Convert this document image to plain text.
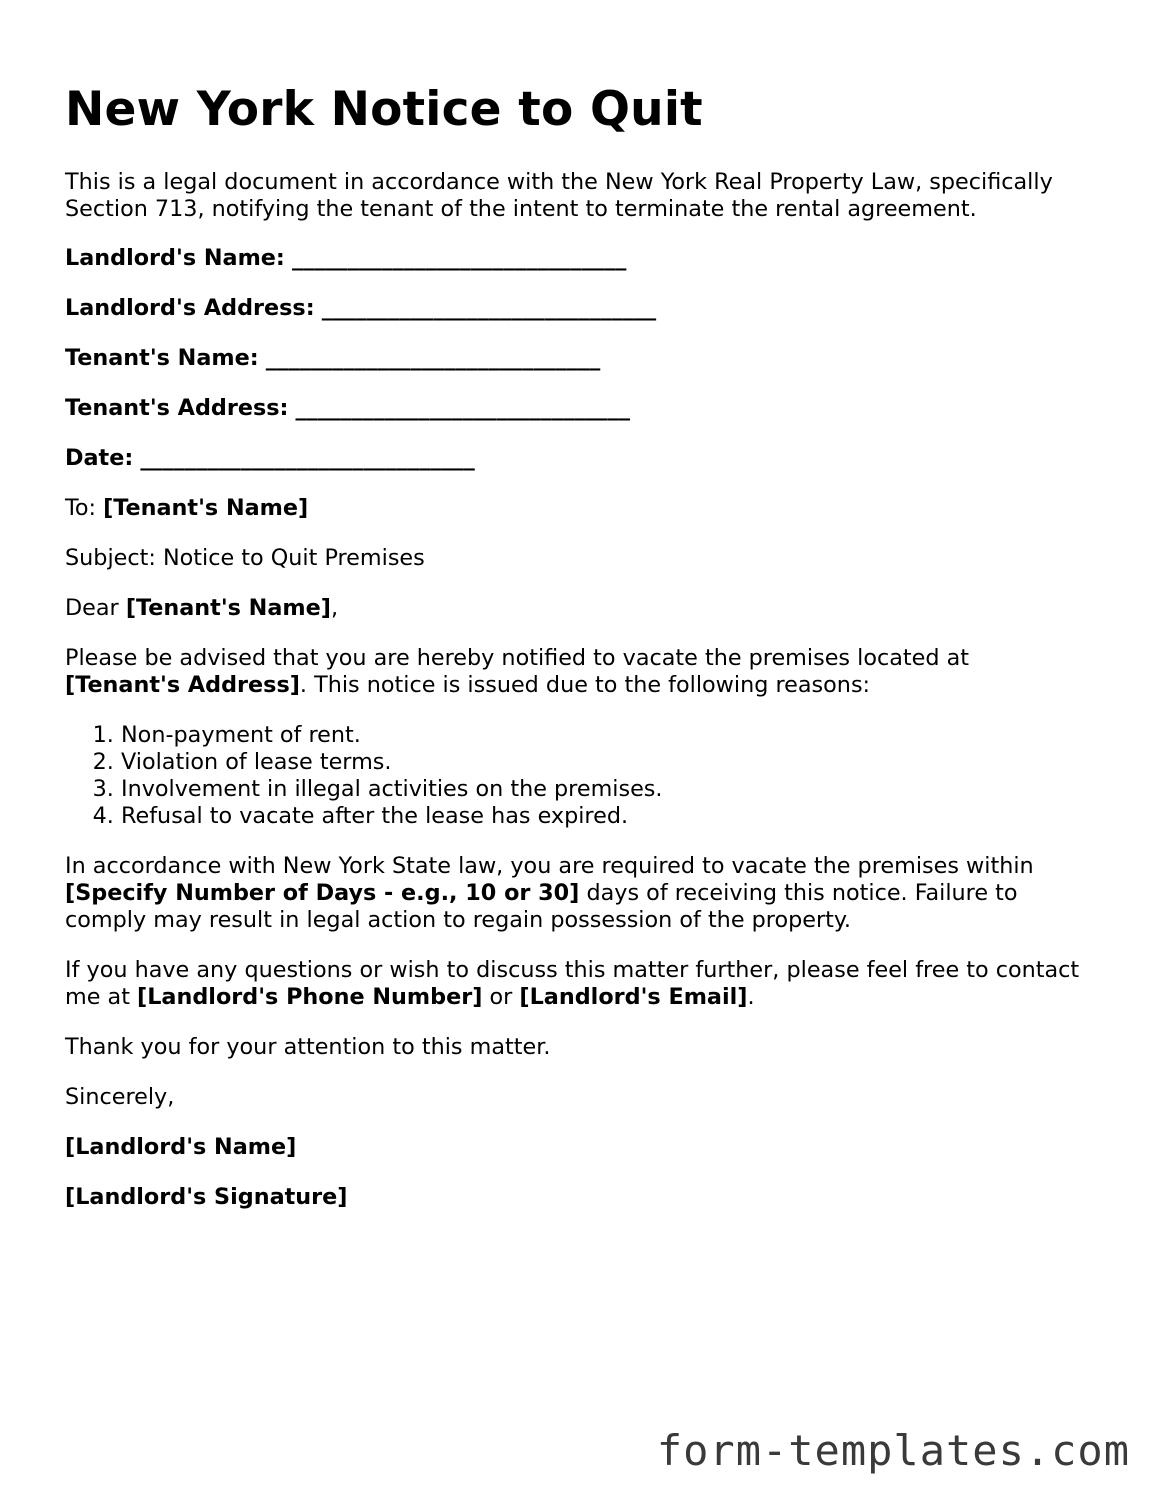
New York Notice to Quit

This is a legal document in accordance with the New York Real Property Law, specifically Section 713, notifying the tenant of the intent to terminate the rental agreement.

Landlord's Name: ______________________________

Landlord's Address: ______________________________

Tenant's Name: ______________________________

Tenant's Address: ______________________________

Date: ______________________________

To: [Tenant's Name]

Subject: Notice to Quit Premises

Dear [Tenant's Name],

Please be advised that you are hereby notified to vacate the premises located at [Tenant's Address]. This notice is issued due to the following reasons:

1. Non-payment of rent.
2. Violation of lease terms.
3. Involvement in illegal activities on the premises.
4. Refusal to vacate after the lease has expired.

In accordance with New York State law, you are required to vacate the premises within [Specify Number of Days - e.g., 10 or 30] days of receiving this notice. Failure to comply may result in legal action to regain possession of the property.

If you have any questions or wish to discuss this matter further, please feel free to contact me at [Landlord's Phone Number] or [Landlord's Email].

Thank you for your attention to this matter.

Sincerely,

[Landlord's Name]

[Landlord's Signature]

form-templates.com
